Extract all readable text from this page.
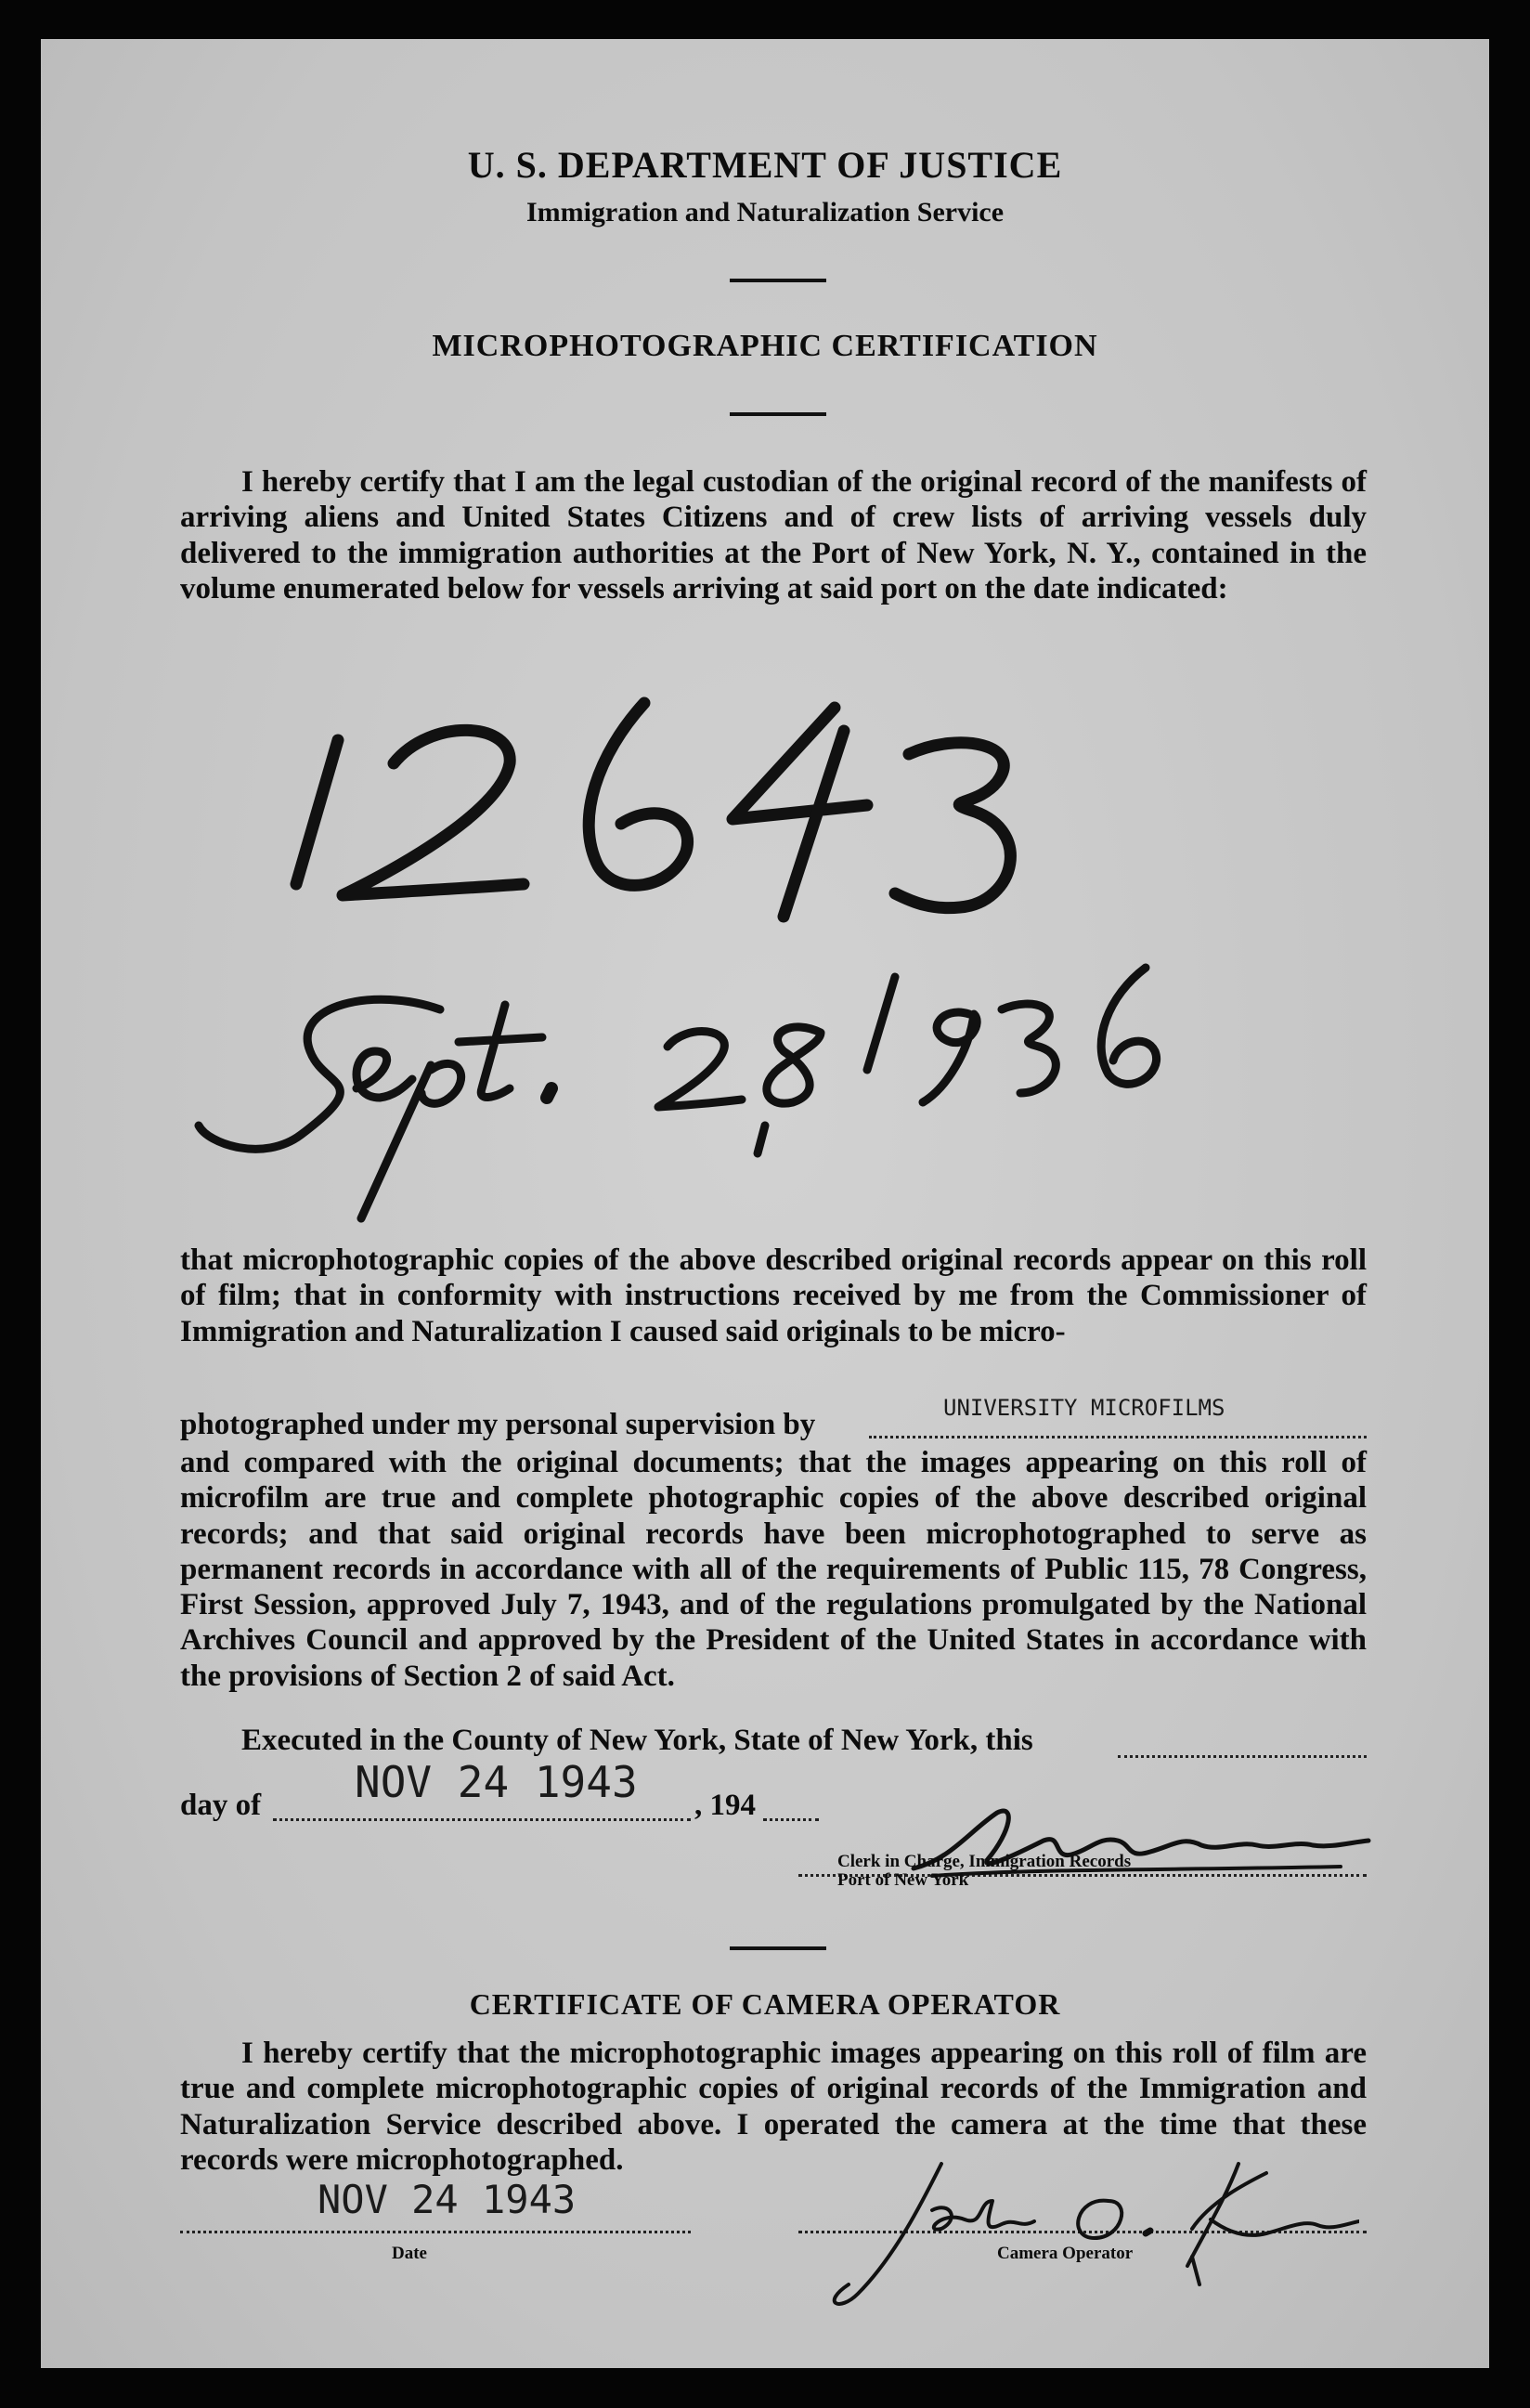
U. S. DEPARTMENT OF JUSTICE
Immigration and Naturalization Service
MICROPHOTOGRAPHIC CERTIFICATION

I hereby certify that I am the legal custodian of the original record of the manifests of arriving aliens and United States Citizens and of crew lists of arriving vessels duly delivered to the immigration authorities at the Port of New York, N. Y., contained in the volume enumerated below for vessels arriving at said port on the date indicated:

that microphotographic copies of the above described original records appear on this roll of film; that in conformity with instructions received by me from the Commissioner of Immigration and Naturalization I caused said originals to be micro-

photographed under my personal supervision by	UNIVERSITY MICROFILMS

and compared with the original documents; that the images appearing on this roll of microfilm are true and complete photographic copies of the above described original records; and that said original records have been microphotographed to serve as permanent records in accordance with all of the requirements of Public 115, 78 Congress, First Session, approved July 7, 1943, and of the regulations promulgated by the National Archives Council and approved by the President of the United States in accordance with the provisions of Section 2 of said Act.

Executed in the County of New York, State of New York, this
day of NOV 24 1943 , 194
Clerk in Charge, Immigration Records
Port of New York
CERTIFICATE OF CAMERA OPERATOR

I hereby certify that the microphotographic images appearing on this roll of film are true and complete microphotographic copies of original records of the Immigration and Naturalization Service described above. I operated the camera at the time that these records were microphotographed.

NOV 24 1943
Date	Camera Operator
